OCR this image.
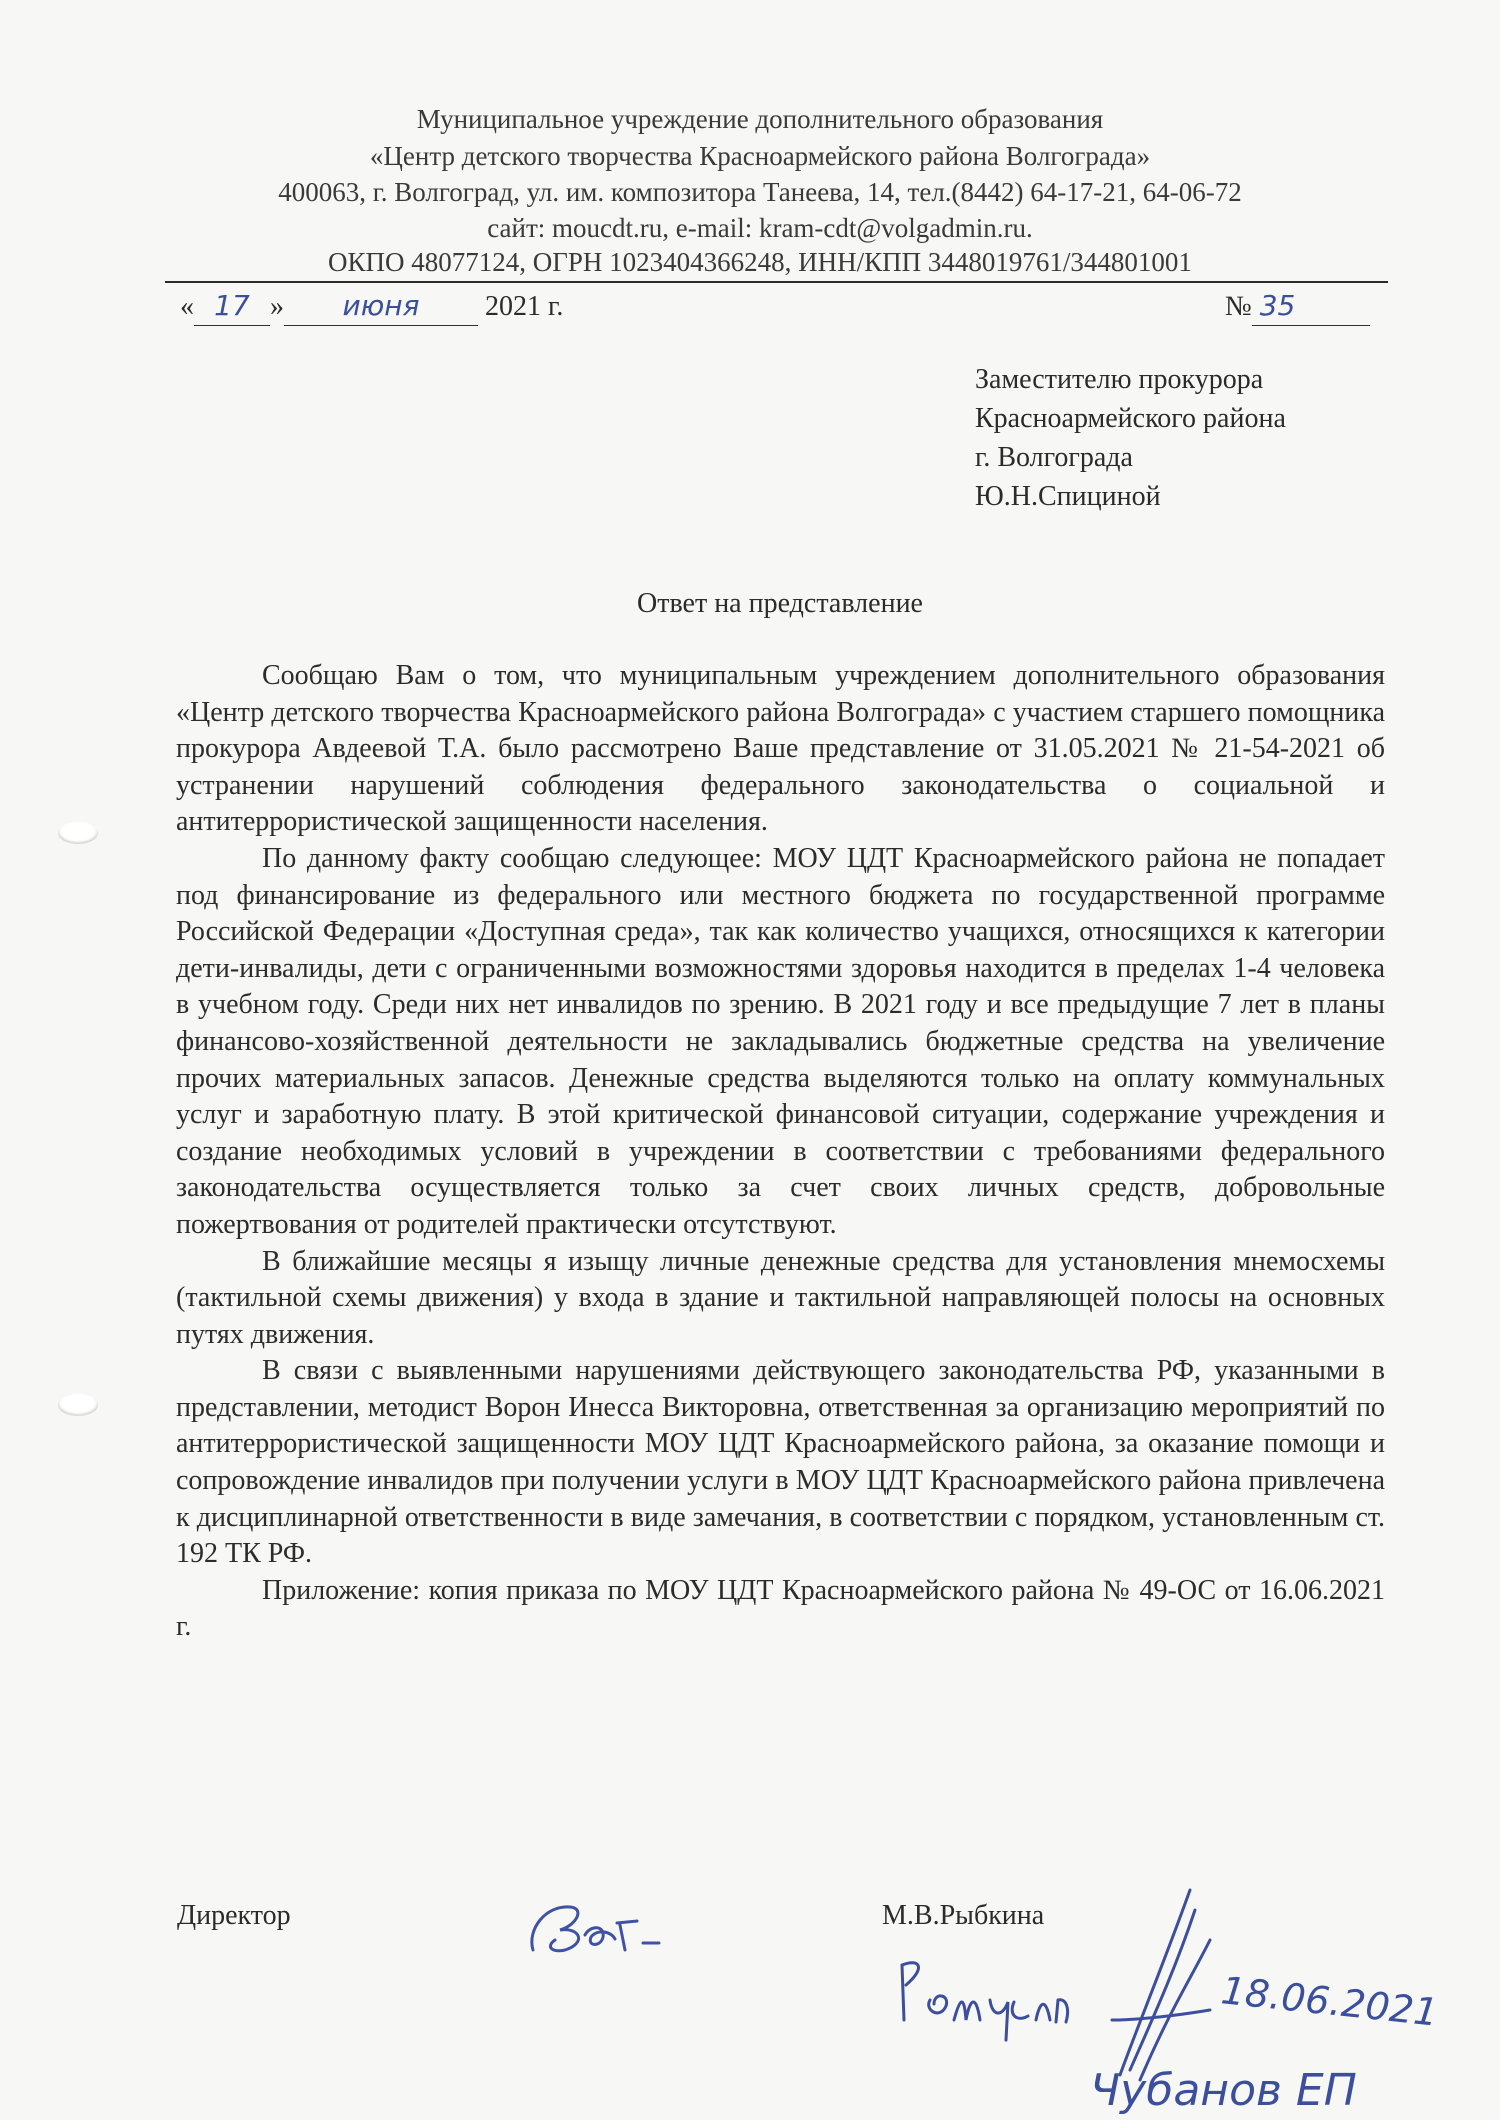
Муниципальное учреждение дополнительного образования
«Центр детского творчества Красноармейского района Волгограда»
400063, г. Волгоград, ул. им. композитора Танеева, 14, тел.(8442) 64-17-21, 64-06-72
сайт: moucdt.ru, e-mail: kram-cdt@volgadmin.ru.
ОКПО 48077124, ОГРН 1023404366248, ИНН/КПП 3448019761/344801001
« 17 » июня 2021 г.	№ 35
Заместителю прокурора
Красноармейского района
г. Волгограда
Ю.Н.Спициной
Ответ на представление

Сообщаю Вам о том, что муниципальным учреждением дополнительного образования «Центр детского творчества Красноармейского района Волгограда» с участием старшего помощника прокурора Авдеевой Т.А. было рассмотрено Ваше представление от 31.05.2021 № 21-54-2021 об устранении нарушений соблюдения федерального законодательства о социальной и антитеррористической защищенности населения.

По данному факту сообщаю следующее: МОУ ЦДТ Красноармейского района не попадает под финансирование из федерального или местного бюджета по государственной программе Российской Федерации «Доступная среда», так как количество учащихся, относящихся к категории дети-инвалиды, дети с ограниченными возможностями здоровья находится в пределах 1-4 человека в учебном году. Среди них нет инвалидов по зрению. В 2021 году и все предыдущие 7 лет в планы финансово-хозяйственной деятельности не закладывались бюджетные средства на увеличение прочих материальных запасов. Денежные средства выделяются только на оплату коммунальных услуг и заработную плату. В этой критической финансовой ситуации, содержание учреждения и создание необходимых условий в учреждении в соответствии с требованиями федерального законодательства осуществляется только за счет своих личных средств, добровольные пожертвования от родителей практически отсутствуют.

В ближайшие месяцы я изыщу личные денежные средства для установления мнемосхемы (тактильной схемы движения) у входа в здание и тактильной направляющей полосы на основных путях движения.

В связи с выявленными нарушениями действующего законодательства РФ, указанными в представлении, методист Ворон Инесса Викторовна, ответственная за организацию мероприятий по антитеррористической защищенности МОУ ЦДТ Красноармейского района, за оказание помощи и сопровождение инвалидов при получении услуги в МОУ ЦДТ Красноармейского района привлечена к дисциплинарной ответственности в виде замечания, в соответствии с порядком, установленным ст. 192 ТК РФ.

Приложение: копия приказа по МОУ ЦДТ Красноармейского района № 49-ОС от 16.06.2021 г.

Директор	М.В.Рыбкина
18.06.2021
Чубанов ЕП
